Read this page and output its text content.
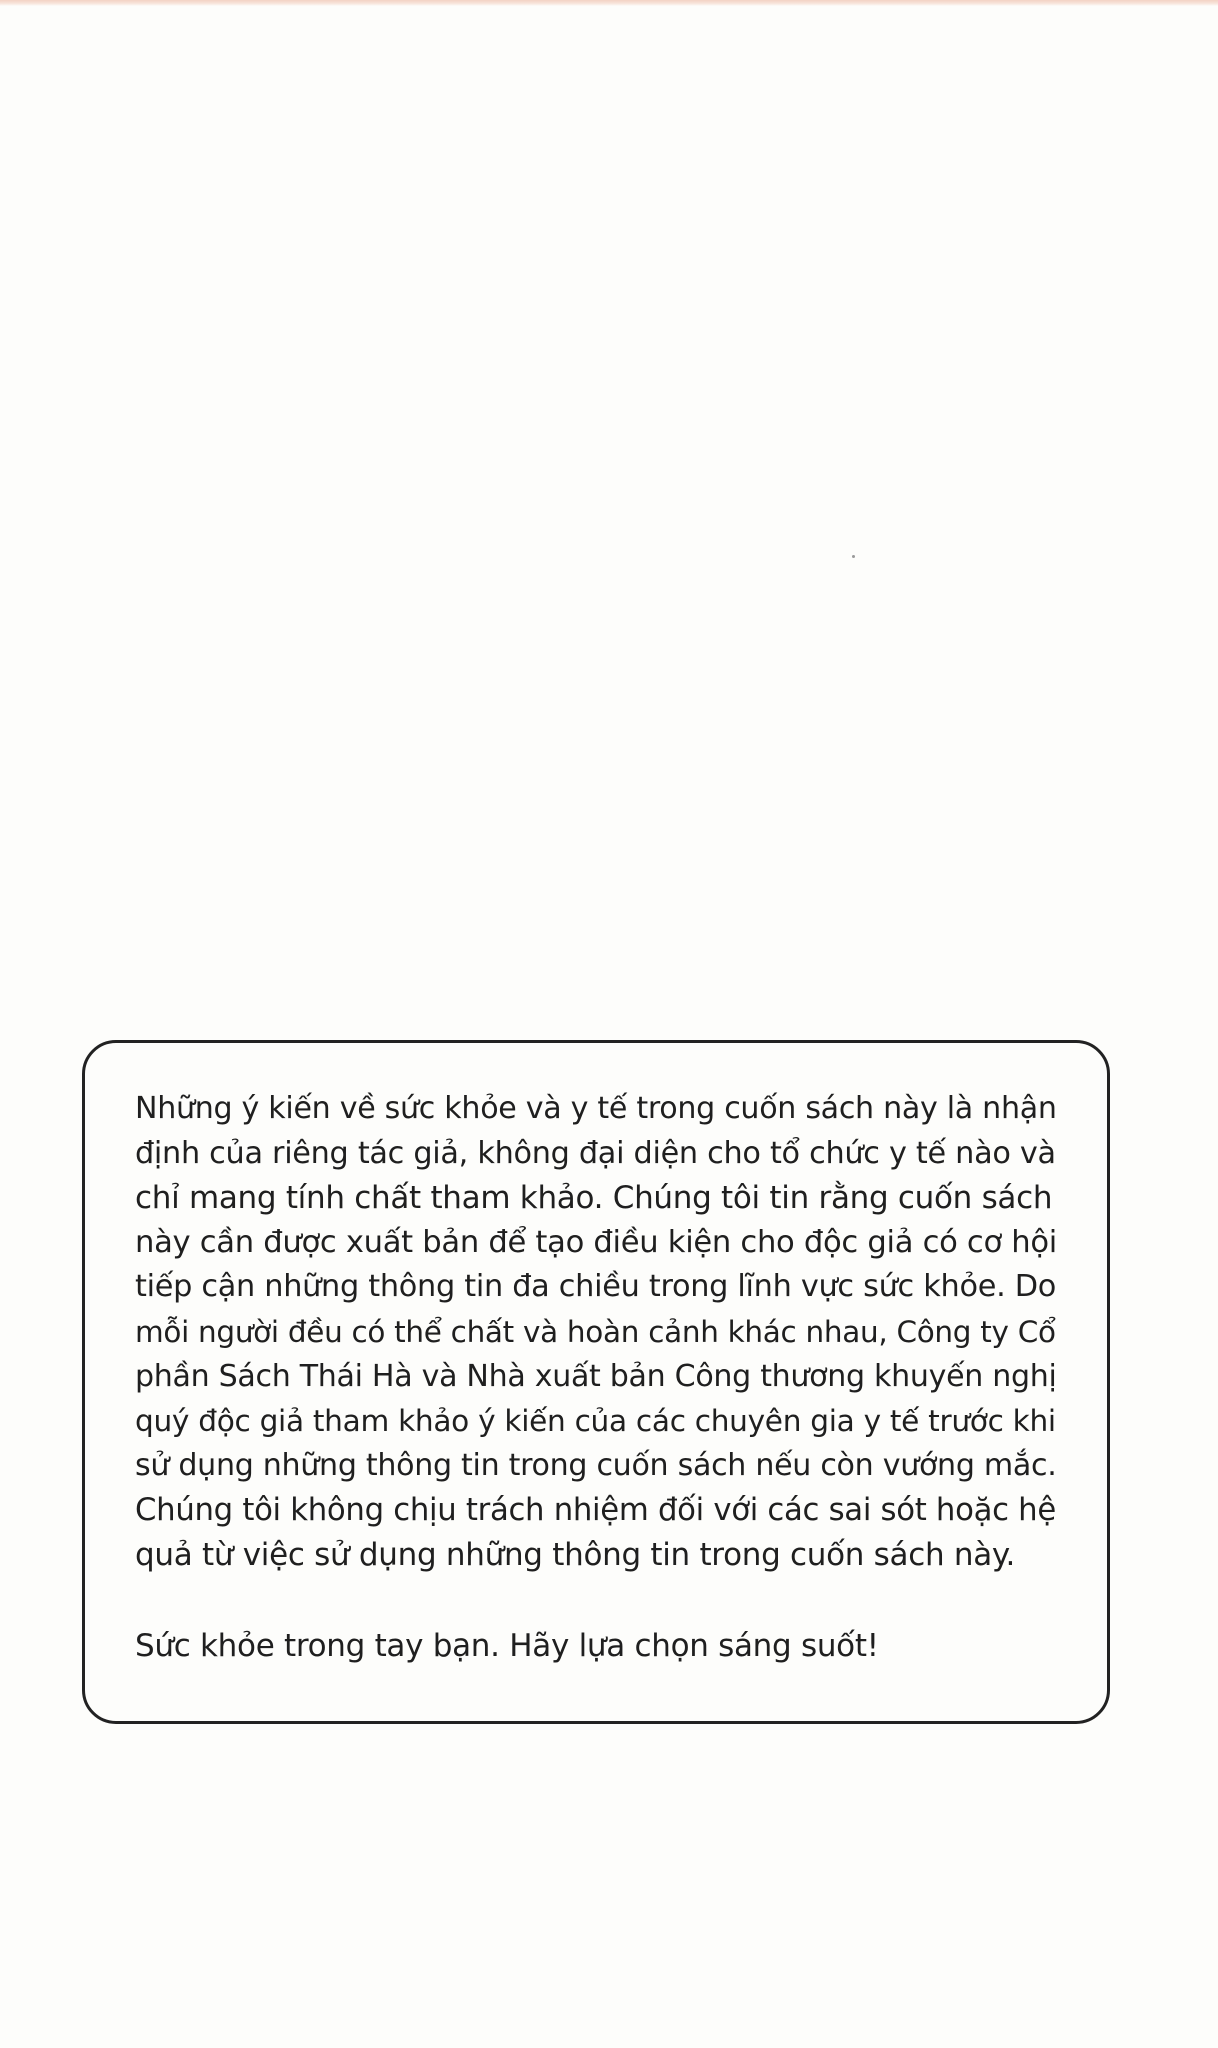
Những ý kiến về sức khỏe và y tế trong cuốn sách này là nhận
định của riêng tác giả, không đại diện cho tổ chức y tế nào và
chỉ mang tính chất tham khảo. Chúng tôi tin rằng cuốn sách
này cần được xuất bản để tạo điều kiện cho độc giả có cơ hội
tiếp cận những thông tin đa chiều trong lĩnh vực sức khỏe. Do
mỗi người đều có thể chất và hoàn cảnh khác nhau, Công ty Cổ
phần Sách Thái Hà và Nhà xuất bản Công thương khuyến nghị
quý độc giả tham khảo ý kiến của các chuyên gia y tế trước khi
sử dụng những thông tin trong cuốn sách nếu còn vướng mắc.
Chúng tôi không chịu trách nhiệm đối với các sai sót hoặc hệ
quả từ việc sử dụng những thông tin trong cuốn sách này.
Sức khỏe trong tay bạn. Hãy lựa chọn sáng suốt!
